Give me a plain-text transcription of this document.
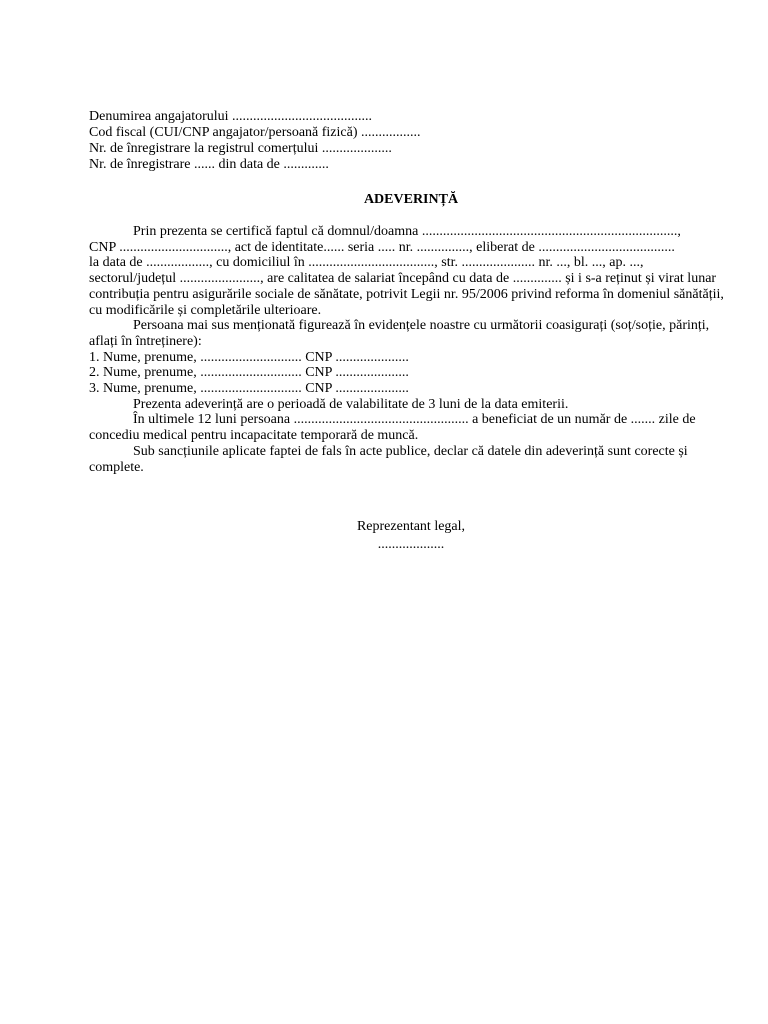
Denumirea angajatorului ........................................
Cod fiscal (CUI/CNP angajator/persoană fizică) .................
Nr. de înregistrare la registrul comerțului ....................
Nr. de înregistrare ...... din data de .............
ADEVERINȚĂ
Prin prezenta se certifică faptul că domnul/doamna .........................................................................,
CNP ..............................., act de identitate...... seria ..... nr. ..............., eliberat de .......................................
la data de .................., cu domiciliul în ...................................., str. ..................... nr. ..., bl. ..., ap. ...,
sectorul/județul ......................., are calitatea de salariat începând cu data de .............. și i s-a reținut și virat lunar contribuția pentru asigurările sociale de sănătate, potrivit Legii nr. 95/2006 privind reforma în domeniul sănătății, cu modificările și completările ulterioare.
Persoana mai sus menționată figurează în evidențele noastre cu următorii coasigurați (soț/soție, părinți, aflați în întreținere):
1. Nume, prenume, ............................. CNP .....................
2. Nume, prenume, ............................. CNP .....................
3. Nume, prenume, ............................. CNP .....................
Prezenta adeverință are o perioadă de valabilitate de 3 luni de la data emiterii.
În ultimele 12 luni persoana .................................................. a beneficiat de un număr de ....... zile de concediu medical pentru incapacitate temporară de muncă.
Sub sancțiunile aplicate faptei de fals în acte publice, declar că datele din adeverință sunt corecte și complete.
Reprezentant legal,
...................
